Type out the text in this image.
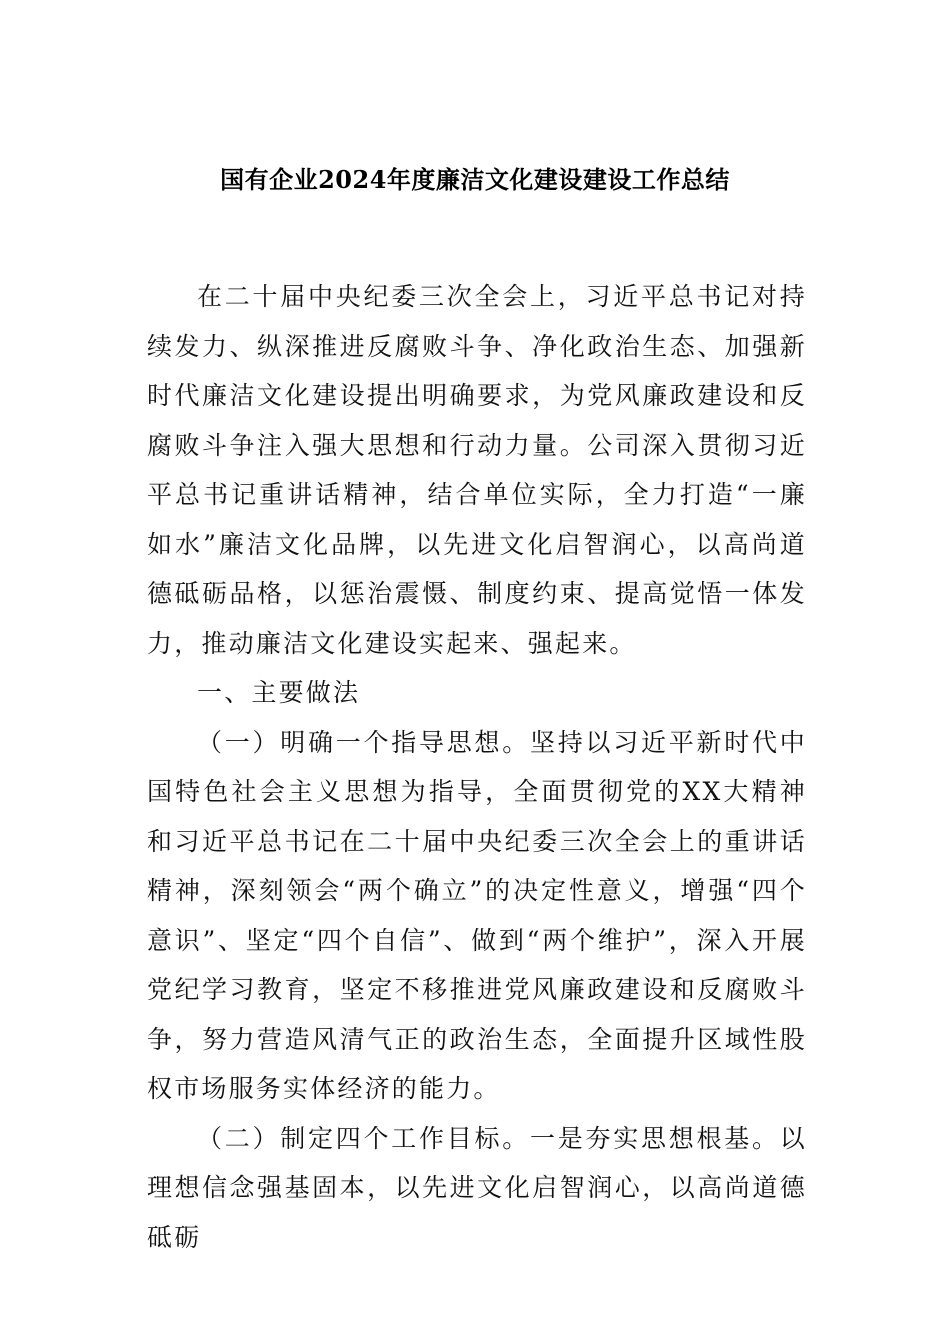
国有企业2024年度廉洁文化建设建设工作总结

在二十届中央纪委三次全会上，习近平总书记对持续发力、纵深推进反腐败斗争、净化政治生态、加强新时代廉洁文化建设提出明确要求，为党风廉政建设和反腐败斗争注入强大思想和行动力量。公司深入贯彻习近平总书记重讲话精神，结合单位实际，全力打造“一廉如水”廉洁文化品牌，以先进文化启智润心，以高尚道德砥砺品格，以惩治震慑、制度约束、提高觉悟一体发力，推动廉洁文化建设实起来、强起来。

一、主要做法

（一）明确一个指导思想。坚持以习近平新时代中国特色社会主义思想为指导，全面贯彻党的XX大精神和习近平总书记在二十届中央纪委三次全会上的重讲话精神，深刻领会“两个确立”的决定性意义，增强“四个意识”、坚定“四个自信”、做到“两个维护”，深入开展党纪学习教育，坚定不移推进党风廉政建设和反腐败斗争，努力营造风清气正的政治生态，全面提升区域性股权市场服务实体经济的能力。

（二）制定四个工作目标。一是夯实思想根基。以理想信念强基固本，以先进文化启智润心，以高尚道德砥砺
